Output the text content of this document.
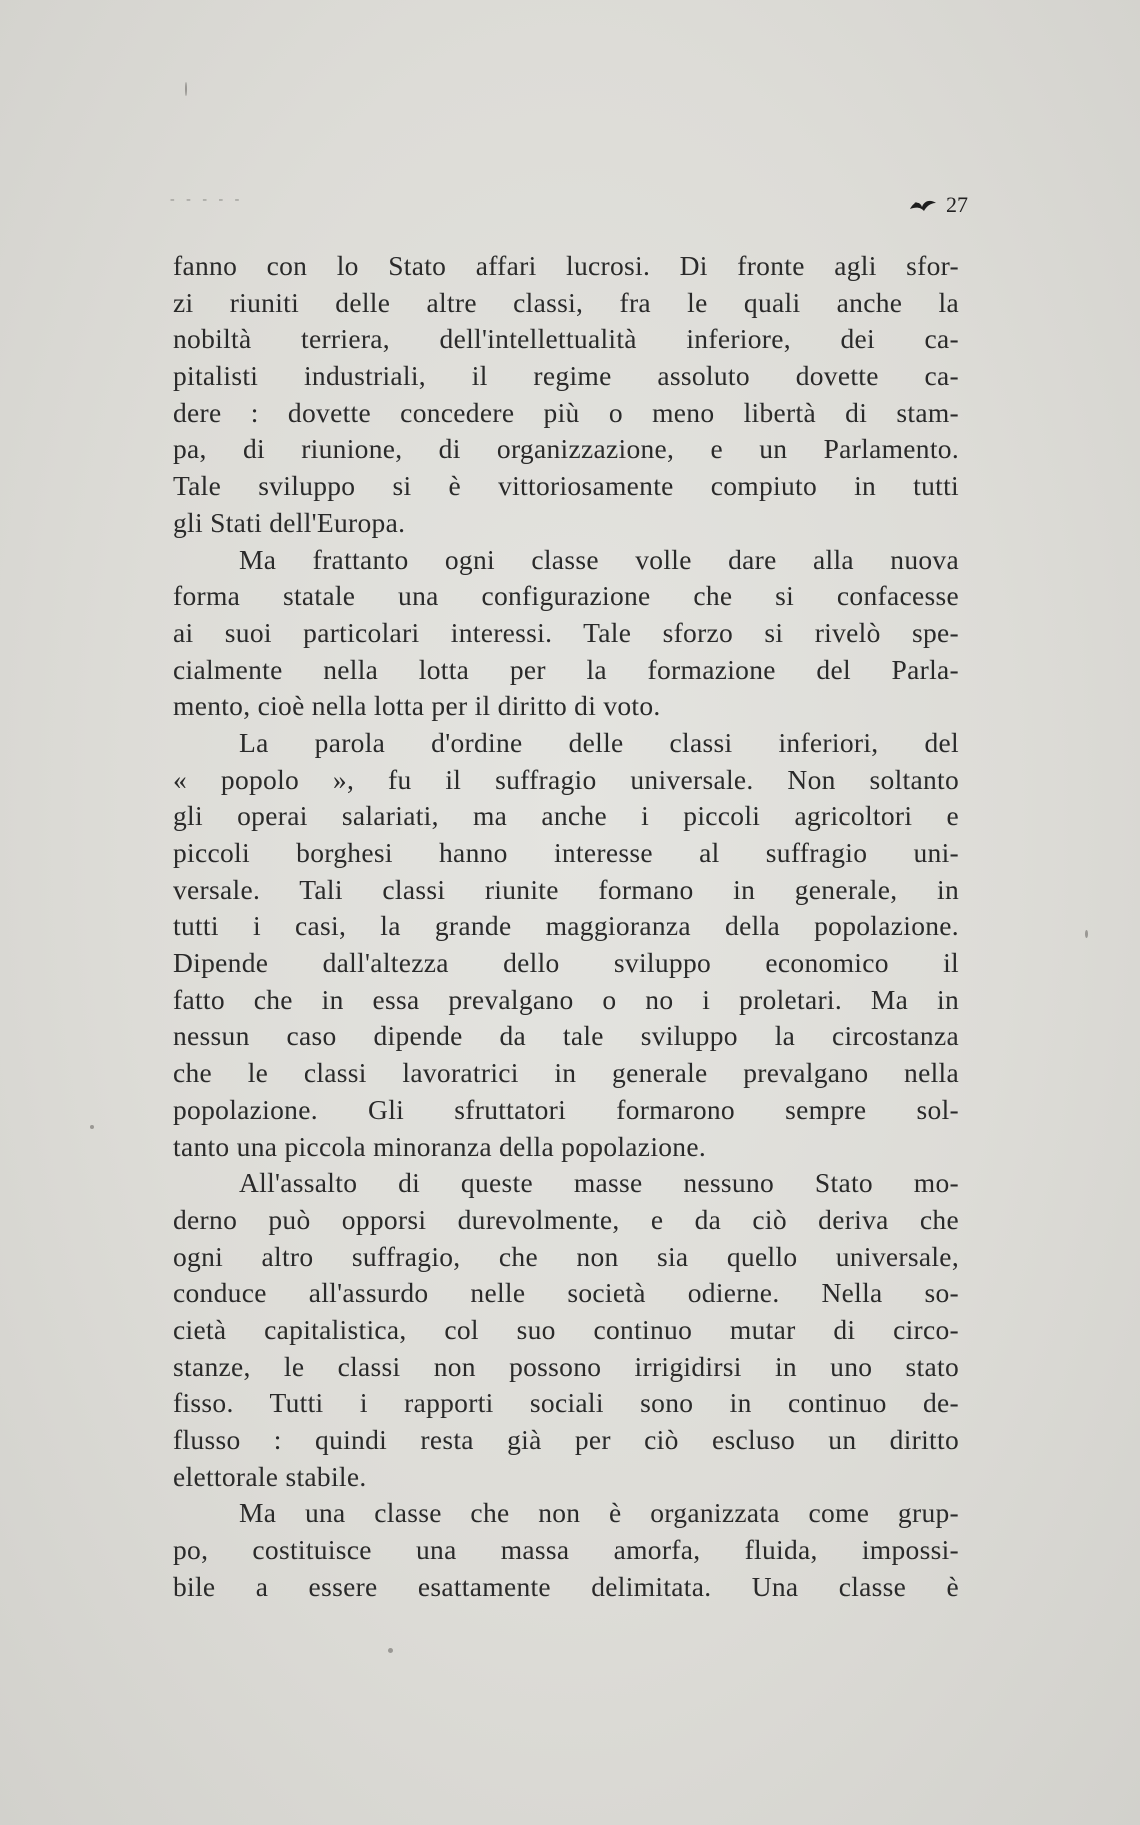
- - - - -	27
fanno con lo Stato affari lucrosi. Di fronte agli sfor-
zi riuniti delle altre classi, fra le quali anche la
nobiltà terriera, dell'intellettualità inferiore, dei ca-
pitalisti industriali, il regime assoluto dovette ca-
dere : dovette concedere più o meno libertà di stam-
pa, di riunione, di organizzazione, e un Parlamento.
Tale sviluppo si è vittoriosamente compiuto in tutti
gli Stati dell'Europa.
Ma frattanto ogni classe volle dare alla nuova
forma statale una configurazione che si confacesse
ai suoi particolari interessi. Tale sforzo si rivelò spe-
cialmente nella lotta per la formazione del Parla-
mento, cioè nella lotta per il diritto di voto.
La parola d'ordine delle classi inferiori, del
« popolo », fu il suffragio universale. Non soltanto
gli operai salariati, ma anche i piccoli agricoltori e
piccoli borghesi hanno interesse al suffragio uni-
versale. Tali classi riunite formano in generale, in
tutti i casi, la grande maggioranza della popolazione.
Dipende dall'altezza dello sviluppo economico il
fatto che in essa prevalgano o no i proletari. Ma in
nessun caso dipende da tale sviluppo la circostanza
che le classi lavoratrici in generale prevalgano nella
popolazione. Gli sfruttatori formarono sempre sol-
tanto una piccola minoranza della popolazione.
All'assalto di queste masse nessuno Stato mo-
derno può opporsi durevolmente, e da ciò deriva che
ogni altro suffragio, che non sia quello universale,
conduce all'assurdo nelle società odierne. Nella so-
cietà capitalistica, col suo continuo mutar di circo-
stanze, le classi non possono irrigidirsi in uno stato
fisso. Tutti i rapporti sociali sono in continuo de-
flusso : quindi resta già per ciò escluso un diritto
elettorale stabile.
Ma una classe che non è organizzata come grup-
po, costituisce una massa amorfa, fluida, impossi-
bile a essere esattamente delimitata. Una classe è
